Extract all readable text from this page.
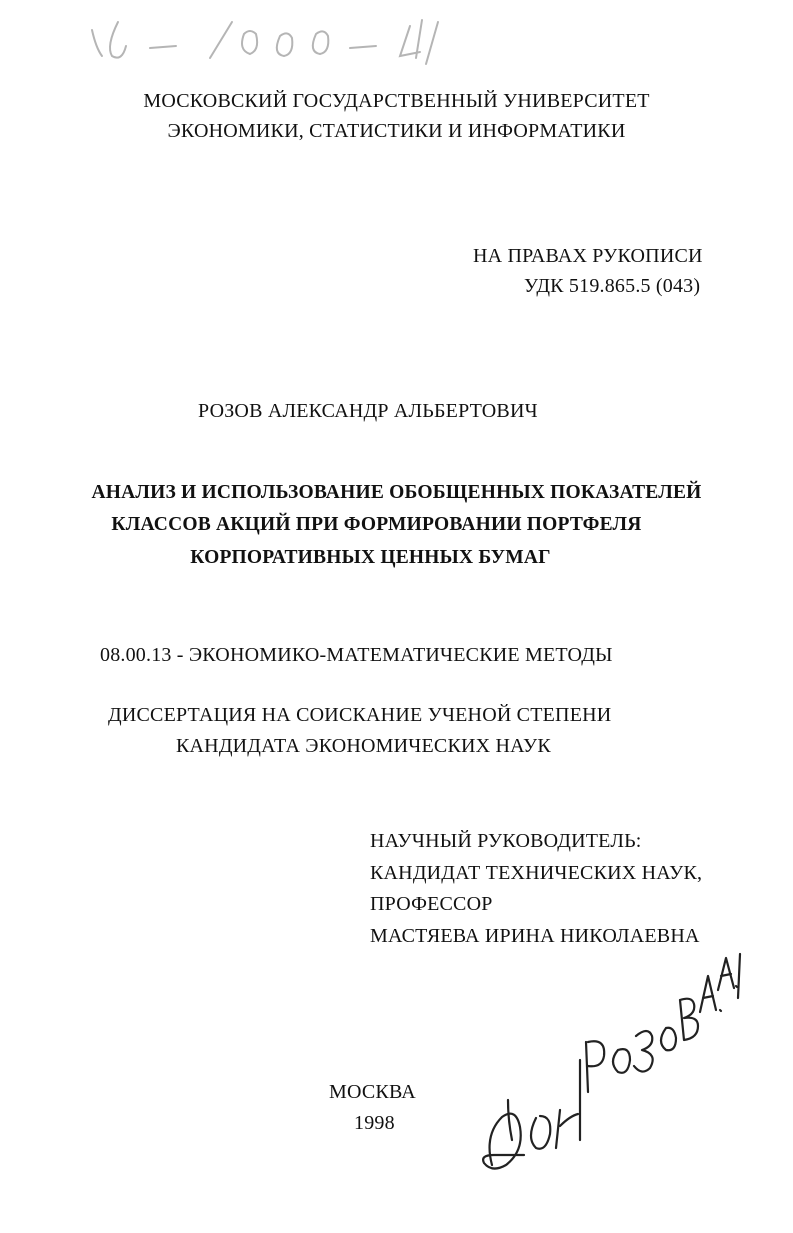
МОСКОВСКИЙ ГОСУДАРСТВЕННЫЙ УНИВЕРСИТЕТ
ЭКОНОМИКИ, СТАТИСТИКИ И ИНФОРМАТИКИ
НА ПРАВАХ РУКОПИСИ
УДК 519.865.5 (043)
РОЗОВ АЛЕКСАНДР АЛЬБЕРТОВИЧ
АНАЛИЗ И ИСПОЛЬЗОВАНИЕ ОБОБЩЕННЫХ ПОКАЗАТЕЛЕЙ
КЛАССОВ АКЦИЙ ПРИ ФОРМИРОВАНИИ ПОРТФЕЛЯ
КОРПОРАТИВНЫХ ЦЕННЫХ БУМАГ
08.00.13 - ЭКОНОМИКО-МАТЕМАТИЧЕСКИЕ МЕТОДЫ
ДИССЕРТАЦИЯ НА СОИСКАНИЕ УЧЕНОЙ СТЕПЕНИ
КАНДИДАТА ЭКОНОМИЧЕСКИХ НАУК
НАУЧНЫЙ РУКОВОДИТЕЛЬ:
КАНДИДАТ ТЕХНИЧЕСКИХ НАУК,
ПРОФЕССОР
МАСТЯЕВА ИРИНА НИКОЛАЕВНА
МОСКВА
1998
